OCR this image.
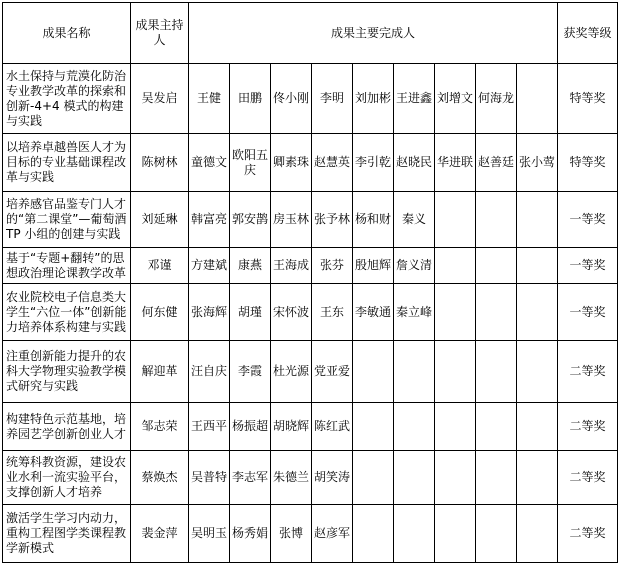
成果名称	成果主持人	成果主要完成人									获奖等级
水土保持与荒漠化防治专业教学改革的探索和创新-4+4 模式的构建与实践	吴发启	王健	田鹏	佟小刚	李明	刘加彬	王进鑫	刘增文	何海龙		特等奖
以培养卓越兽医人才为目标的专业基础课程改革与实践	陈树林	童德文	欧阳五庆	卿素珠	赵慧英	李引乾	赵晓民	华进联	赵善廷	张小莺	特等奖
培养感官品鉴专门人才的“第二课堂”—葡萄酒 TP 小组的创建与实践	刘延琳	韩富亮	郭安鹊	房玉林	张予林	杨和财	秦义				一等奖
基于“专题+翻转”的思想政治理论课教学改革	邓谨	方建斌	康燕	王海成	张芬	殷旭辉	詹义清				一等奖
农业院校电子信息类大学生“六位一体”创新能力培养体系构建与实践	何东健	张海辉	胡瑾	宋怀波	王东	李敏通	秦立峰				一等奖
注重创新能力提升的农科大学物理实验教学模式研究与实践	解迎革	汪自庆	李霞	杜光源	党亚爱						二等奖
构建特色示范基地，培养园艺学创新创业人才	邹志荣	王西平	杨振超	胡晓辉	陈红武						二等奖
统筹科教资源，建设农业水利一流实验平台，支撑创新人才培养	蔡焕杰	吴普特	李志军	朱德兰	胡笑涛						二等奖
激活学生学习内动力，重构工程图学类课程教学新模式	裴金萍	吴明玉	杨秀娟	张博	赵彦军						二等奖
